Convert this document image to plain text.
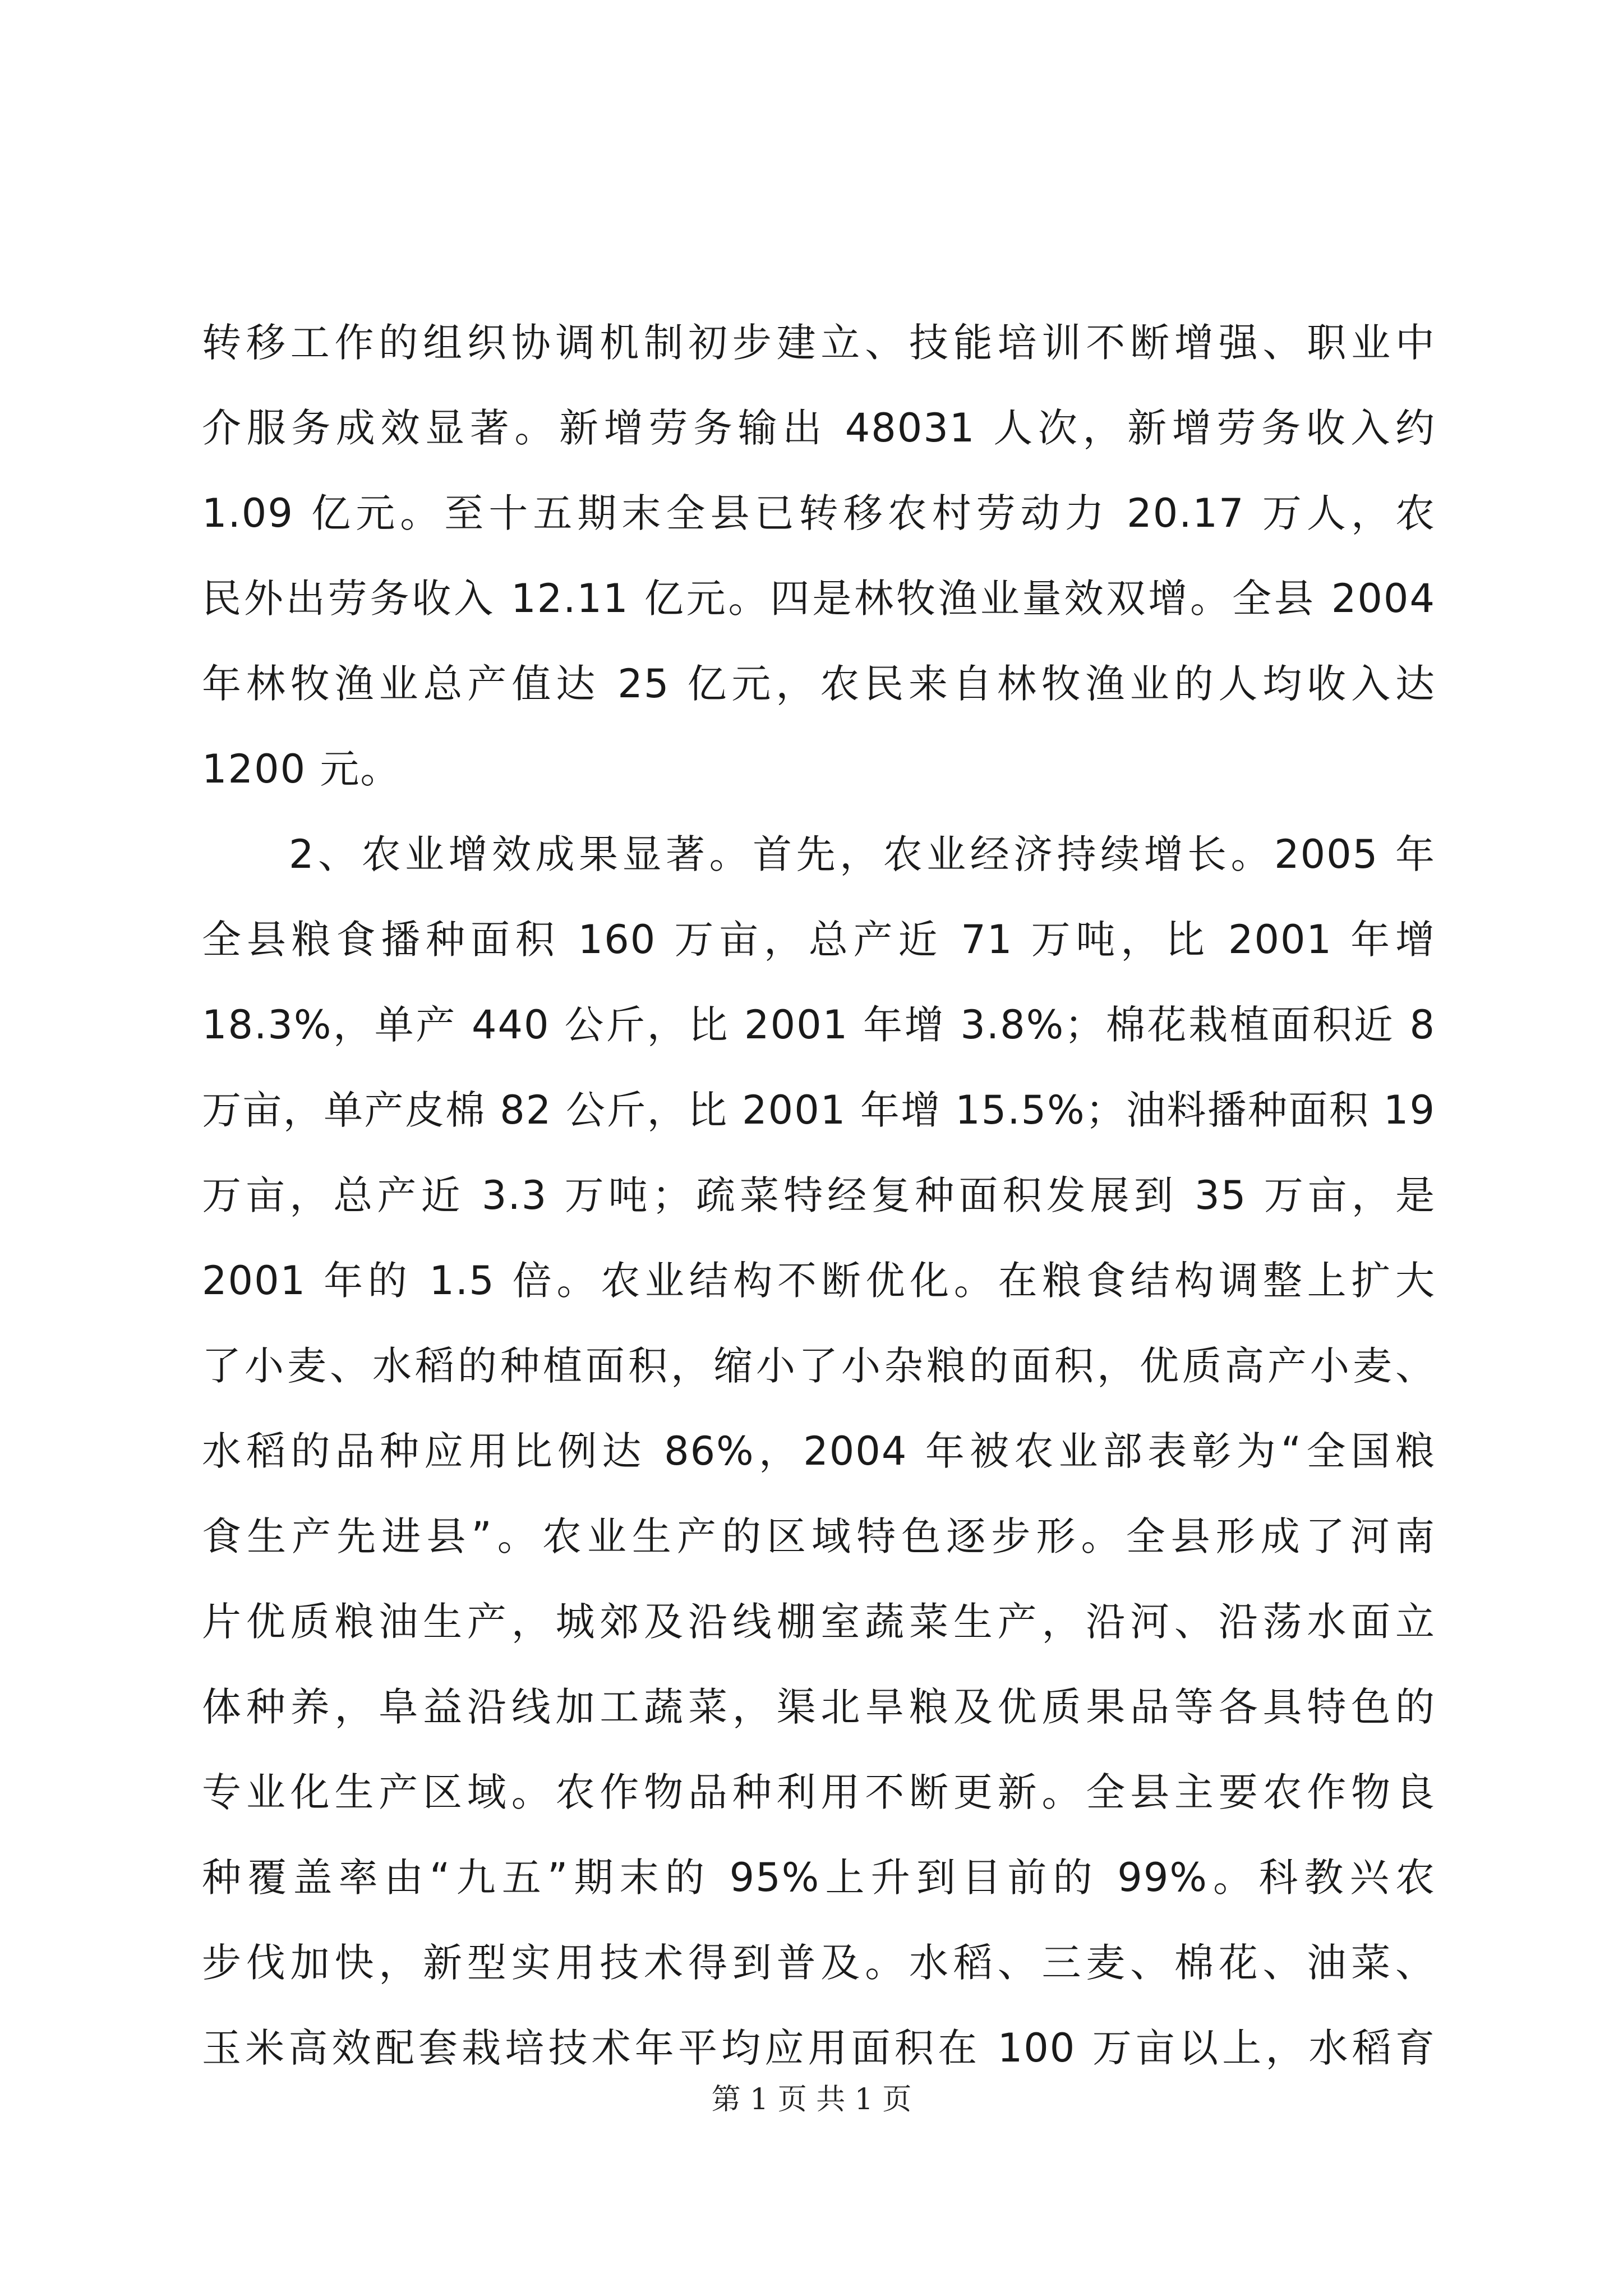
转移工作的组织协调机制初步建立、技能培训不断增强、职业中
介服务成效显著。新增劳务输出 48031 人次，新增劳务收入约
1.09 亿元。至十五期末全县已转移农村劳动力 20.17 万人，农
民外出劳务收入 12.11 亿元。四是林牧渔业量效双增。全县 2004
年林牧渔业总产值达 25 亿元，农民来自林牧渔业的人均收入达
1200 元。
　　2、农业增效成果显著。首先，农业经济持续增长。2005 年
全县粮食播种面积 160 万亩，总产近 71 万吨，比 2001 年增
18.3%，单产 440 公斤，比 2001 年增 3.8%；棉花栽植面积近 8
万亩，单产皮棉 82 公斤，比 2001 年增 15.5%；油料播种面积 19
万亩，总产近 3.3 万吨；疏菜特经复种面积发展到 35 万亩，是
2001 年的 1.5 倍。农业结构不断优化。在粮食结构调整上扩大
了小麦、水稻的种植面积，缩小了小杂粮的面积，优质高产小麦、
水稻的品种应用比例达 86%，2004 年被农业部表彰为“全国粮
食生产先进县”。农业生产的区域特色逐步形。全县形成了河南
片优质粮油生产，城郊及沿线棚室蔬菜生产，沿河、沿荡水面立
体种养，阜益沿线加工蔬菜，渠北旱粮及优质果品等各具特色的
专业化生产区域。农作物品种利用不断更新。全县主要农作物良
种覆盖率由“九五”期末的 95%上升到目前的 99%。科教兴农
步伐加快，新型实用技术得到普及。水稻、三麦、棉花、油菜、
玉米高效配套栽培技术年平均应用面积在 100 万亩以上，水稻育
第 1 页 共 1 页
